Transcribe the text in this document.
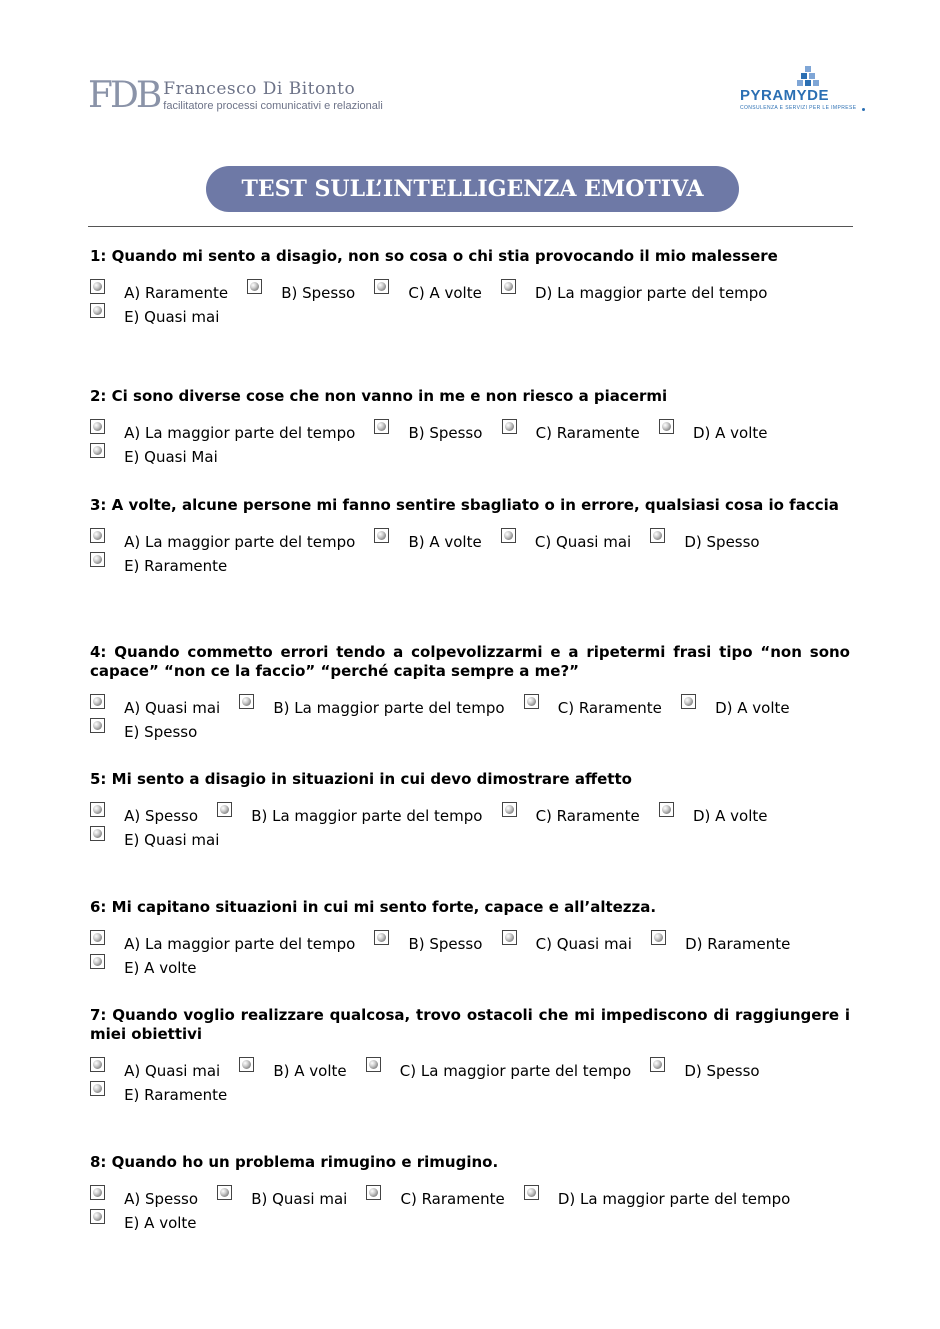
FDB Francesco Di Bitonto
facilitatore processi comunicativi e relazionali
PYRAMYDE
CONSULENZA E SERVIZI PER LE IMPRESE
TEST SULL’INTELLIGENZA EMOTIVA
1: Quando mi sento a disagio, non so cosa o chi stia provocando il mio malessere
A) Raramente	B) Spesso	C) A volte	D) La maggior parte del tempo        E) Quasi mai
2: Ci sono diverse cose che non vanno in me e non riesco a piacermi
A) La maggior parte del tempo	B) Spesso	C) Raramente	D) A volte        E) Quasi Mai
3: A volte, alcune persone mi fanno sentire sbagliato o in errore, qualsiasi cosa io faccia
A) La maggior parte del tempo	B) A volte	C) Quasi mai	D) Spesso        E) Raramente
4: Quando commetto errori tendo a colpevolizzarmi e a ripetermi frasi tipo “non sono capace” “non ce la faccio” “perché capita sempre a me?”
A) Quasi mai	B) La maggior parte del tempo	C) Raramente	D) A volte        E) Spesso
5: Mi sento a disagio in situazioni in cui devo dimostrare affetto
A) Spesso	B) La maggior parte del tempo	C) Raramente	D) A volte        E) Quasi mai
6: Mi capitano situazioni in cui mi sento forte, capace e all’altezza.
A) La maggior parte del tempo	B) Spesso	C) Quasi mai	D) Raramente        E) A volte
7: Quando voglio realizzare qualcosa, trovo ostacoli che mi impediscono di raggiungere i miei obiettivi
A) Quasi mai	B) A volte	C) La maggior parte del tempo	D) Spesso        E) Raramente
8: Quando ho un problema rimugino e rimugino.
A) Spesso	B) Quasi mai	C) Raramente	D) La maggior parte del tempo        E) A volte
